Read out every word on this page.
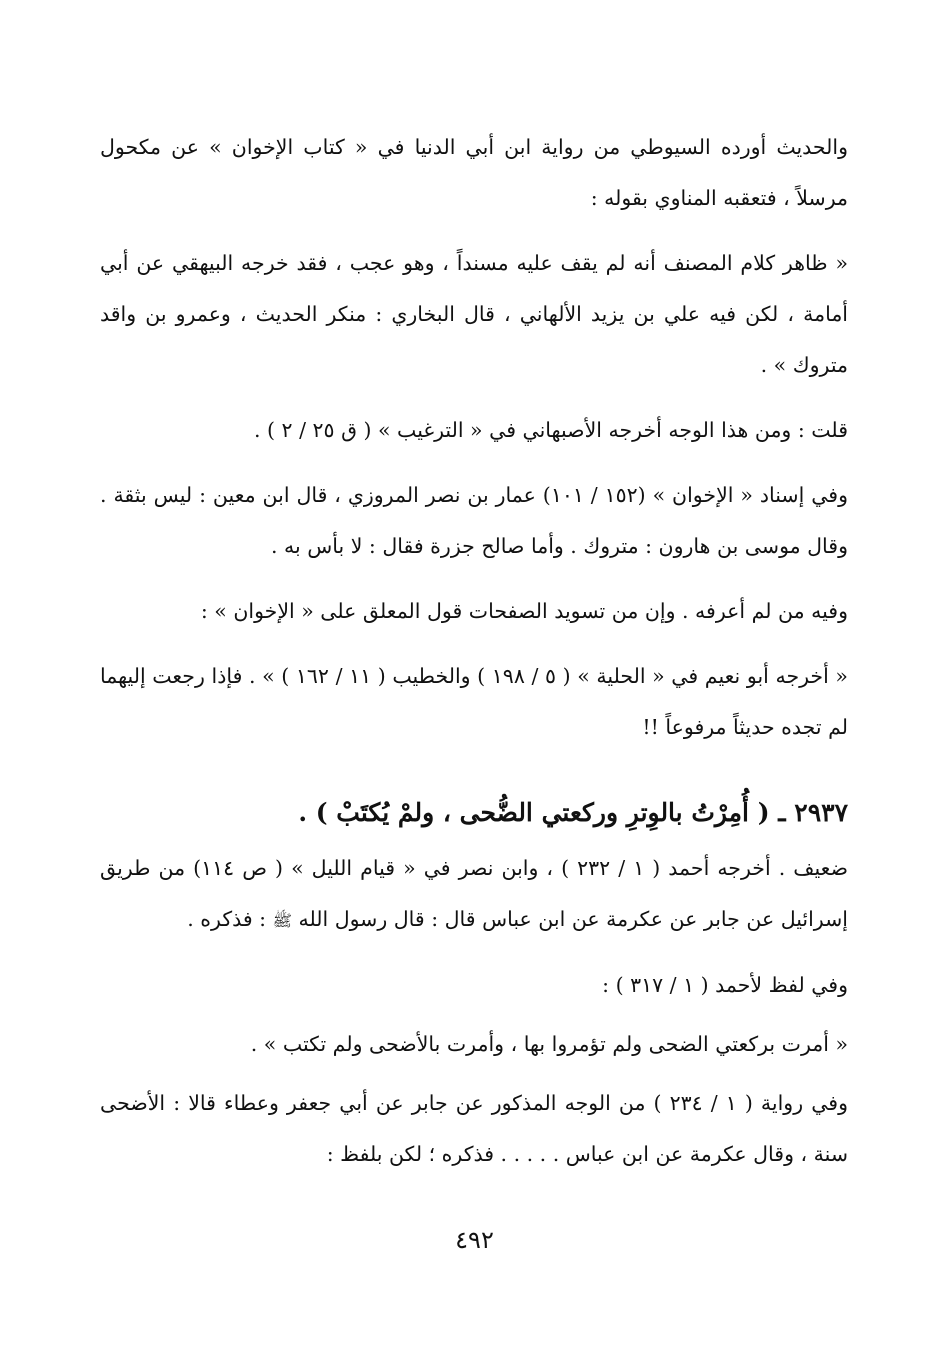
والحديث أورده السيوطي من رواية ابن أبي الدنيا في « كتاب الإخوان » عن مكحول مرسلاً ، فتعقبه المناوي بقوله :

« ظاهر كلام المصنف أنه لم يقف عليه مسنداً ، وهو عجب ، فقد خرجه البيهقي عن أبي أمامة ، لكن فيه علي بن يزيد الألهاني ، قال البخاري : منكر الحديث ، وعمرو بن واقد متروك » .

قلت : ومن هذا الوجه أخرجه الأصبهاني في « الترغيب » ( ق ٢٥ / ٢ ) .

وفي إسناد « الإخوان » (١٥٢ / ١٠١) عمار بن نصر المروزي ، قال ابن معين : ليس بثقة . وقال موسى بن هارون : متروك . وأما صالح جزرة فقال : لا بأس به .

وفيه من لم أعرفه . وإن من تسويد الصفحات قول المعلق على « الإخوان » :

« أخرجه أبو نعيم في « الحلية » ( ٥ / ١٩٨ ) والخطيب ( ١١ / ١٦٢ ) » . فإذا رجعت إليهما لم تجده حديثاً مرفوعاً !!

٢٩٣٧ ـ ( أُمِرْتُ بالوِترِ وركعتي الضُّحى ، ولمْ يُكتَبْ ) .

ضعيف . أخرجه أحمد ( ١ / ٢٣٢ ) ، وابن نصر في « قيام الليل » ( ص ١١٤) من طريق إسرائيل عن جابر عن عكرمة عن ابن عباس قال : قال رسول الله ﷺ : فذكره .

وفي لفظ لأحمد ( ١ / ٣١٧ ) :

« أمرت بركعتي الضحى ولم تؤمروا بها ، وأمرت بالأضحى ولم تكتب » .

وفي رواية ( ١ / ٢٣٤ ) من الوجه المذكور عن جابر عن أبي جعفر وعطاء قالا : الأضحى سنة ، وقال عكرمة عن ابن عباس . . . . . فذكره ؛ لكن بلفظ :

٤٩٢
